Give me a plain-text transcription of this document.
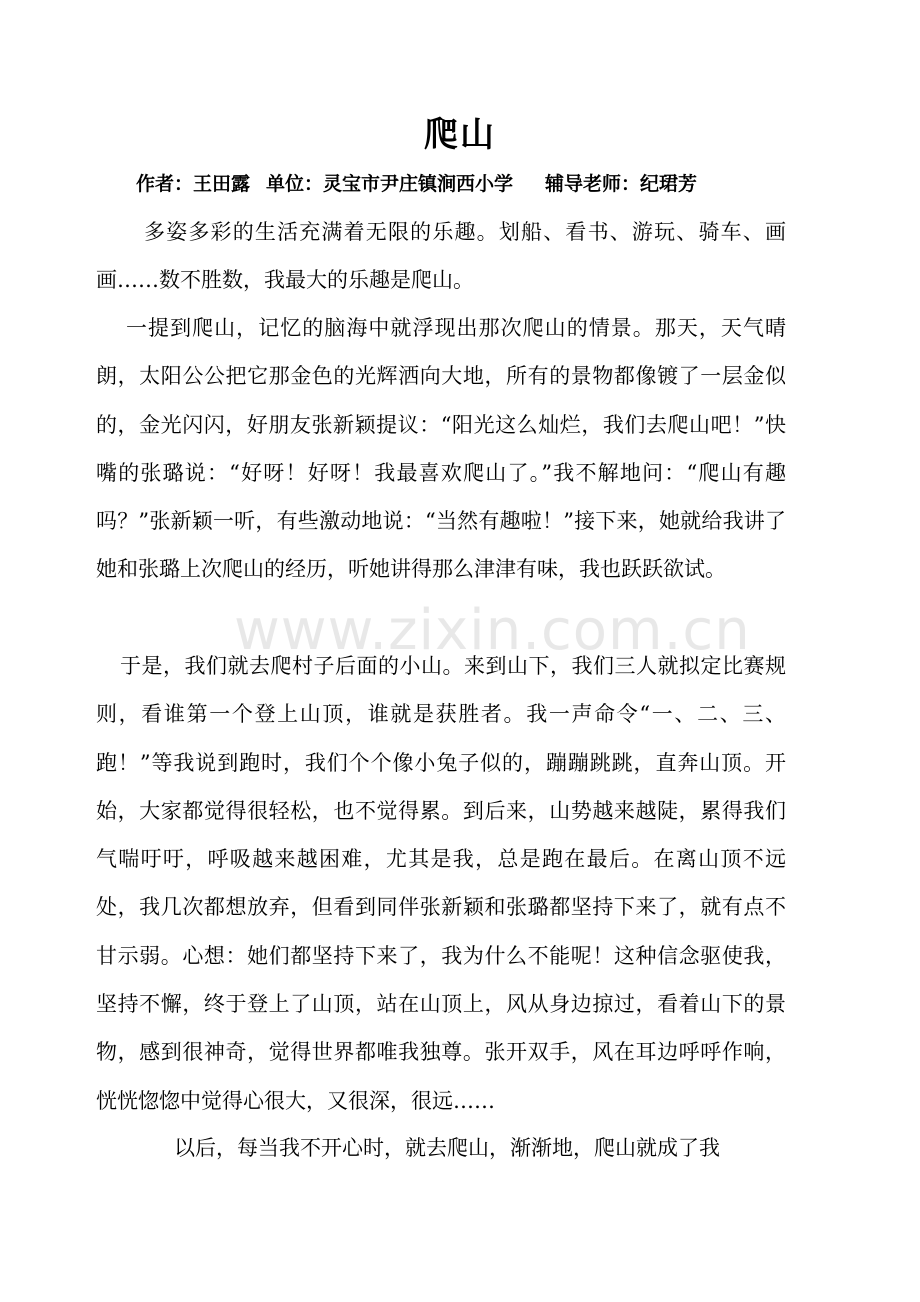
爬山
作者：王田露 单位：灵宝市尹庄镇涧西小学 辅导老师：纪珺芳
多姿多彩的生活充满着无限的乐趣。划船、看书、游玩、骑车、画画……数不胜数，我最大的乐趣是爬山。
一提到爬山，记忆的脑海中就浮现出那次爬山的情景。那天，天气晴朗，太阳公公把它那金色的光辉洒向大地，所有的景物都像镀了一层金似的，金光闪闪，好朋友张新颖提议：“阳光这么灿烂，我们去爬山吧！”快嘴的张璐说：“好呀！好呀！我最喜欢爬山了。”我不解地问：“爬山有趣吗？”张新颖一听，有些激动地说：“当然有趣啦！”接下来，她就给我讲了她和张璐上次爬山的经历，听她讲得那么津津有味，我也跃跃欲试。
于是，我们就去爬村子后面的小山。来到山下，我们三人就拟定比赛规则，看谁第一个登上山顶，谁就是获胜者。我一声命令“一、二、三、跑！”等我说到跑时，我们个个像小兔子似的，蹦蹦跳跳，直奔山顶。开始，大家都觉得很轻松，也不觉得累。到后来，山势越来越陡，累得我们气喘吁吁，呼吸越来越困难，尤其是我，总是跑在最后。在离山顶不远处，我几次都想放弃，但看到同伴张新颖和张璐都坚持下来了，就有点不甘示弱。心想：她们都坚持下来了，我为什么不能呢！这种信念驱使我，坚持不懈，终于登上了山顶，站在山顶上，风从身边掠过，看着山下的景物，感到很神奇，觉得世界都唯我独尊。张开双手，风在耳边呼呼作响，恍恍惚惚中觉得心很大，又很深，很远……
以后，每当我不开心时，就去爬山，渐渐地，爬山就成了我
www.zixin.com.cn
